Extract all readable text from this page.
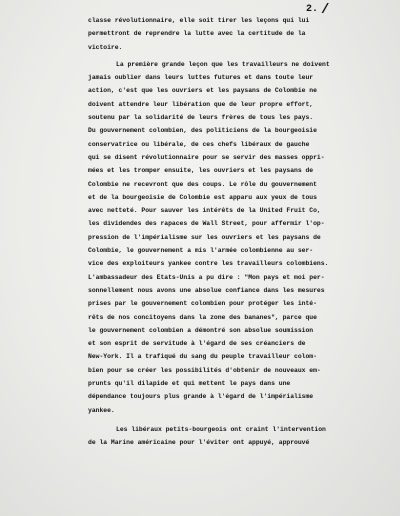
2. /
classe révolutionnaire, elle soit tirer les leçons qui lui
permettront de reprendre la lutte avec la certitude de la
victoire.
La première grande leçon que les travailleurs ne doivent
jamais oublier dans leurs luttes futures et dans toute leur
action, c'est que les ouvriers et les paysans de Colombie ne
doivent attendre leur libération que de leur propre effort,
soutenu par la solidarité de leurs frères de tous les pays.
Du gouvernement colombien, des politiciens de la bourgeoisie
conservatrice ou libérale, de ces chefs libéraux de gauche
qui se disent révolutionnaire pour se servir des masses oppri-
mées et les tromper ensuite, les ouvriers et les paysans de
Colombie ne recevront que des coups. Le rôle du gouvernement
et de la bourgeoisie de Colombie est apparu aux yeux de tous
avec netteté. Pour sauver les intérêts de la United Fruit Co,
les dividendes des rapaces de Wall Street, pour affermir l'op-
pression de l'impérialisme sur les ouvriers et les paysans de
Colombie, le gouvernement a mis l'armée colombienne au ser-
vice des exploiteurs yankee contre les travailleurs colombiens.
L'ambassadeur des Etats-Unis a pu dire : "Mon pays et moi per-
sonnellement nous avons une absolue confiance dans les mesures
prises par le gouvernement colombien pour protéger les inté-
rêts de nos concitoyens dans la zone des bananes", parce que
le gouvernement colombien a démontré son absolue soumission
et son esprit de servitude à l'égard de ses créanciers de
New-York. Il a trafiqué du sang du peuple travailleur colom-
bien pour se créer les possibilités d'obtenir de nouveaux em-
prunts qu'il dilapide et qui mettent le pays dans une
dépendance toujours plus grande à l'égard de l'impérialisme
yankee.
Les libéraux petits-bourgeois ont craint l'intervention
de la Marine américaine pour l'éviter ont appuyé, approuvé
